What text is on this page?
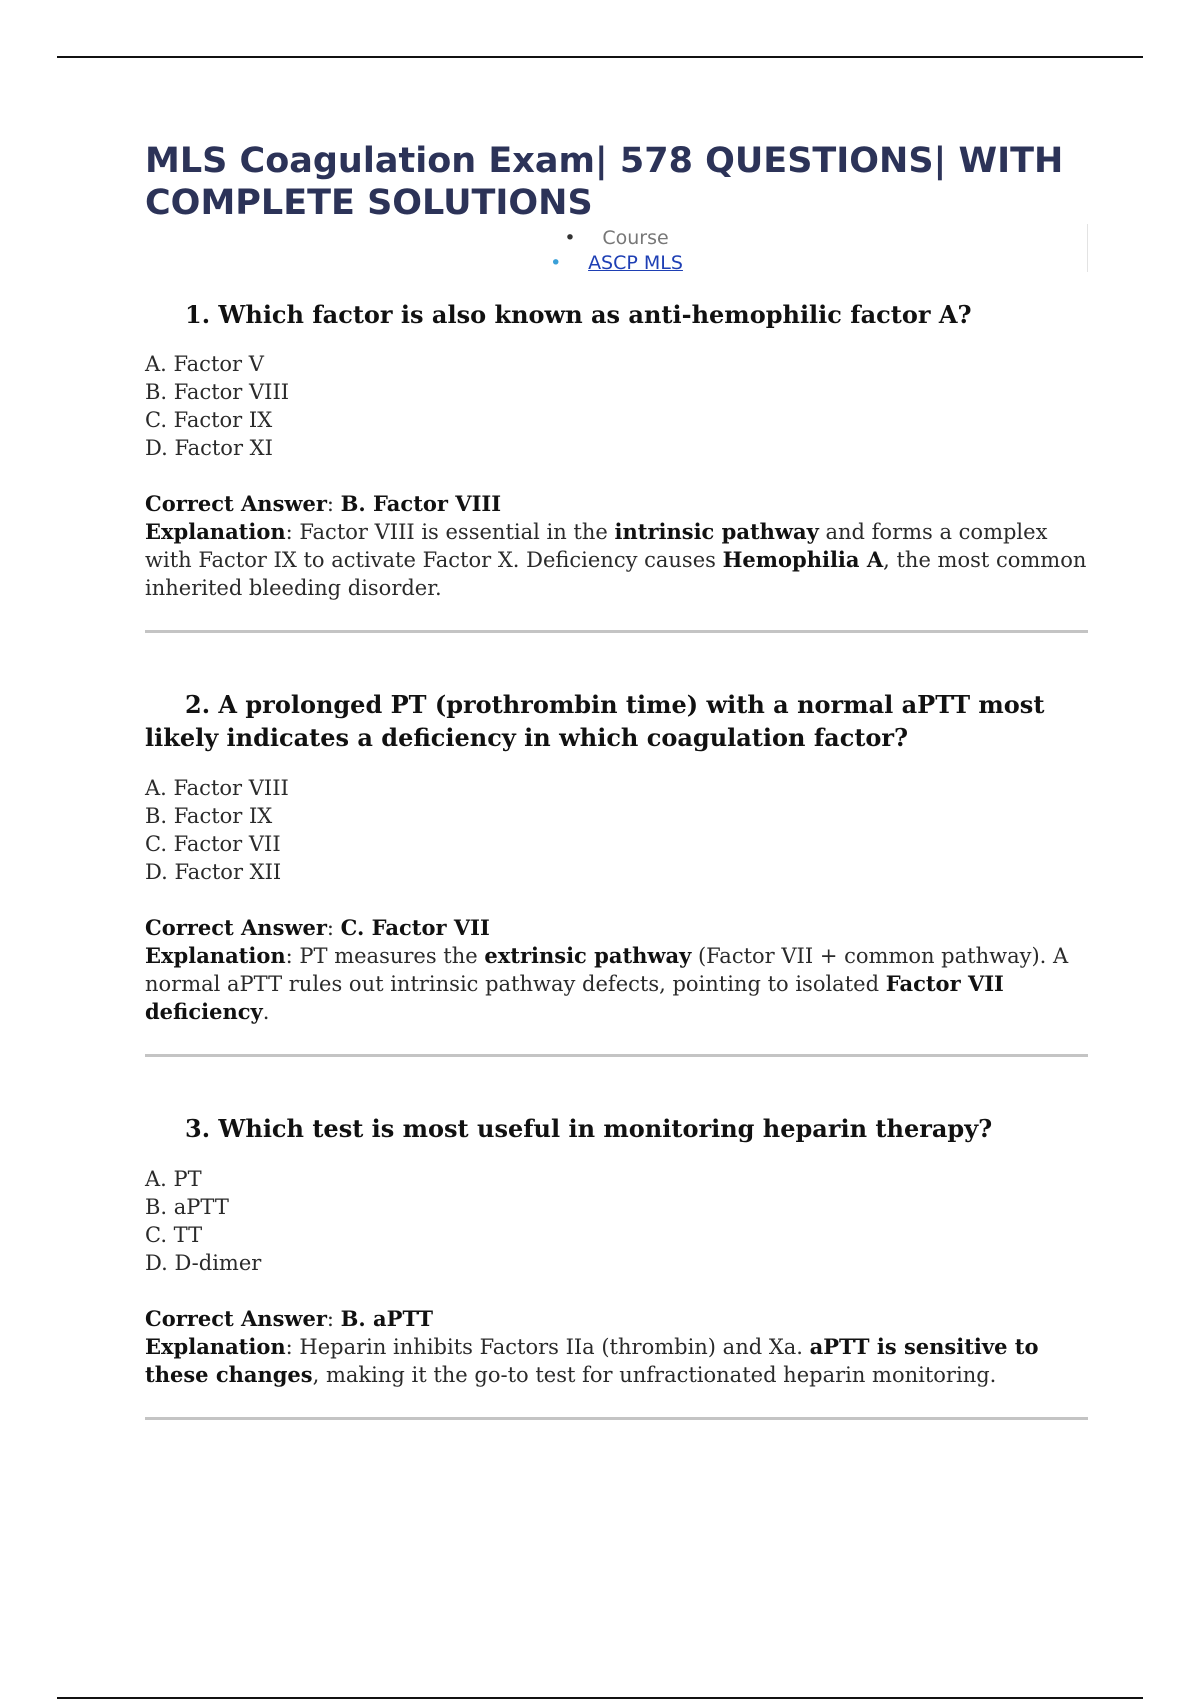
MLS Coagulation Exam| 578 QUESTIONS| WITH COMPLETE SOLUTIONS
• Course
• ASCP MLS
1. Which factor is also known as anti-hemophilic factor A?
A. Factor V
B. Factor VIII
C. Factor IX
D. Factor XI
Correct Answer: B. Factor VIII
Explanation: Factor VIII is essential in the intrinsic pathway and forms a complex with Factor IX to activate Factor X. Deficiency causes Hemophilia A, the most common inherited bleeding disorder.
2. A prolonged PT (prothrombin time) with a normal aPTT most likely indicates a deficiency in which coagulation factor?
A. Factor VIII
B. Factor IX
C. Factor VII
D. Factor XII
Correct Answer: C. Factor VII
Explanation: PT measures the extrinsic pathway (Factor VII + common pathway). A normal aPTT rules out intrinsic pathway defects, pointing to isolated Factor VII deficiency.
3. Which test is most useful in monitoring heparin therapy?
A. PT
B. aPTT
C. TT
D. D-dimer
Correct Answer: B. aPTT
Explanation: Heparin inhibits Factors IIa (thrombin) and Xa. aPTT is sensitive to these changes, making it the go-to test for unfractionated heparin monitoring.
